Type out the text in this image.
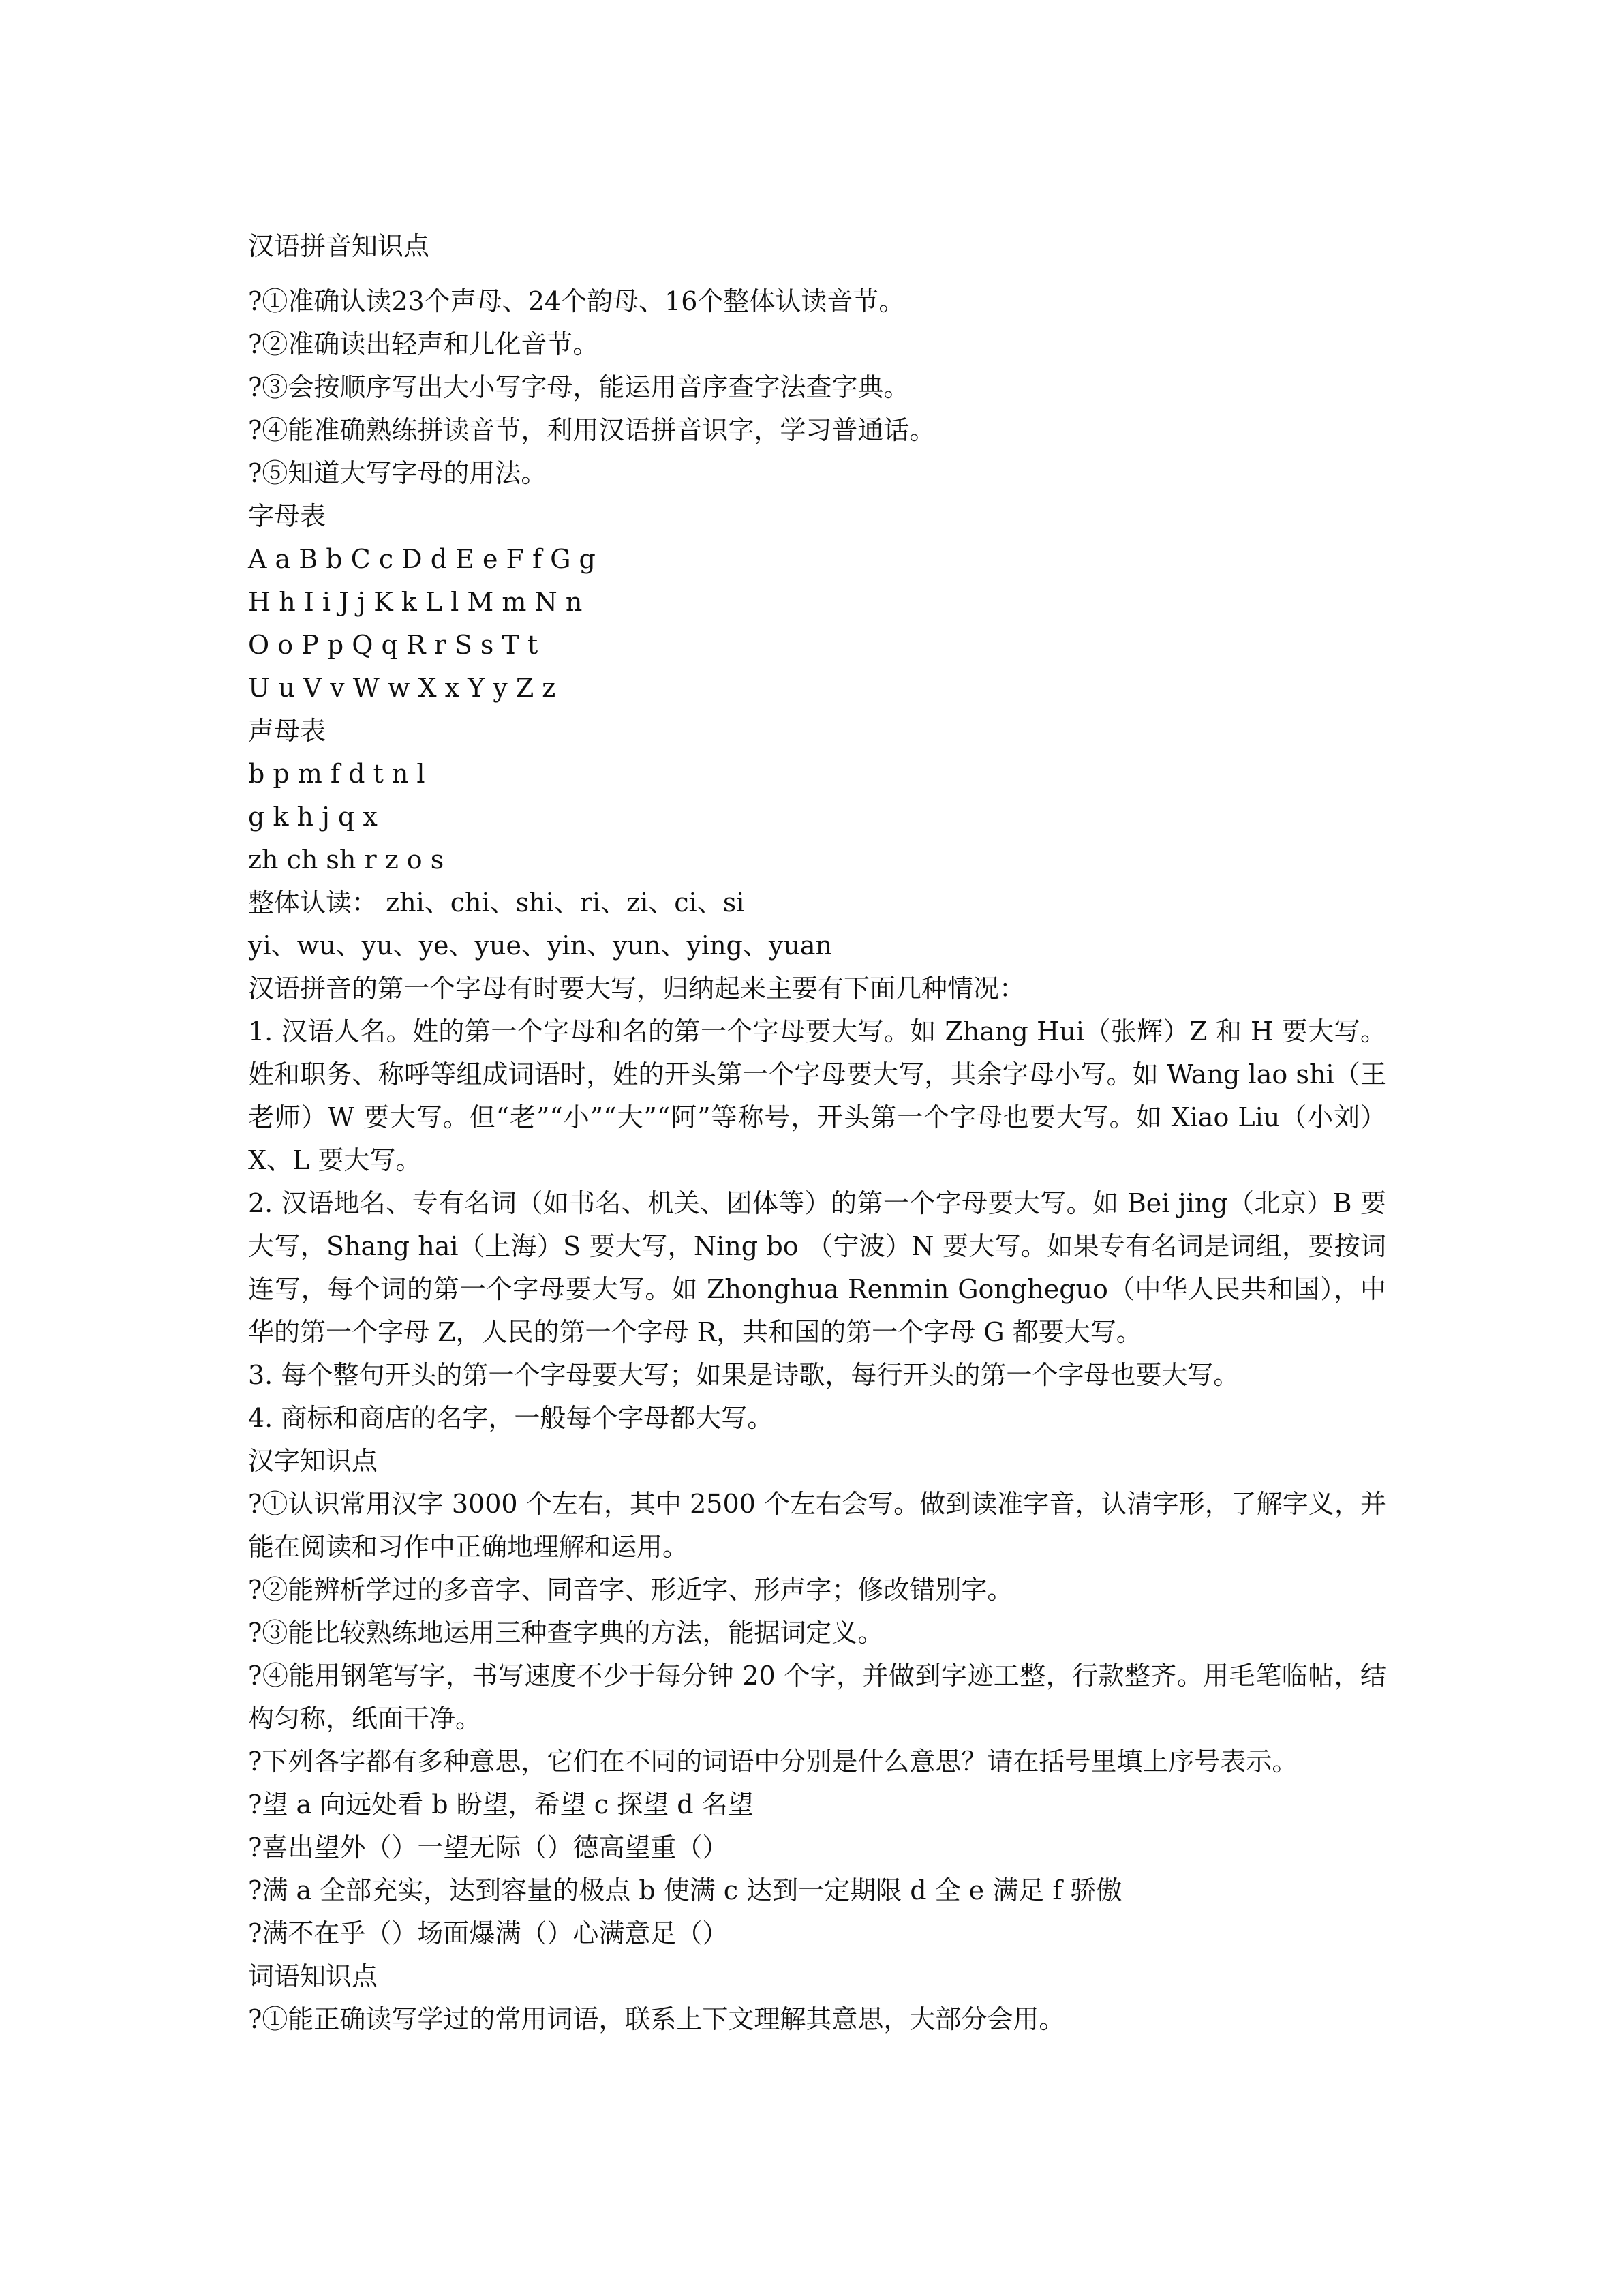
汉语拼音知识点
?①准确认读23个声母、24个韵母、16个整体认读音节。
?②准确读出轻声和儿化音节。
?③会按顺序写出大小写字母，能运用音序查字法查字典。
?④能准确熟练拼读音节，利用汉语拼音识字，学习普通话。
?⑤知道大写字母的用法。
字母表
A a B b C c D d E e F f G g
H h I i J j K k L l M m N n
O o P p Q q R r S s T t
U u V v W w X x Y y Z z
声母表
b p m f d t n l
g k h j q x
zh ch sh r z o s
整体认读： zhi、chi、shi、ri、zi、ci、si
yi、wu、yu、ye、yue、yin、yun、ying、yuan
汉语拼音的第一个字母有时要大写，归纳起来主要有下面几种情况：
1. 汉语人名。姓的第一个字母和名的第一个字母要大写。如 Zhang Hui（张辉）Z 和 H 要大写。姓和职务、称呼等组成词语时，姓的开头第一个字母要大写，其余字母小写。如 Wang lao shi（王老师）W 要大写。但“老”“小”“大”“阿”等称号，开头第一个字母也要大写。如 Xiao Liu（小刘）X、L 要大写。
2. 汉语地名、专有名词（如书名、机关、团体等）的第一个字母要大写。如 Bei jing（北京）B 要大写，Shang hai（上海）S 要大写，Ning bo （宁波）N 要大写。如果专有名词是词组，要按词连写，每个词的第一个字母要大写。如 Zhonghua Renmin Gongheguo（中华人民共和国），中华的第一个字母 Z，人民的第一个字母 R，共和国的第一个字母 G 都要大写。
3. 每个整句开头的第一个字母要大写；如果是诗歌，每行开头的第一个字母也要大写。
4. 商标和商店的名字，一般每个字母都大写。
汉字知识点
?①认识常用汉字 3000 个左右，其中 2500 个左右会写。做到读准字音，认清字形，了解字义，并能在阅读和习作中正确地理解和运用。
?②能辨析学过的多音字、同音字、形近字、形声字；修改错别字。
?③能比较熟练地运用三种查字典的方法，能据词定义。
?④能用钢笔写字，书写速度不少于每分钟 20 个字，并做到字迹工整，行款整齐。用毛笔临帖，结构匀称，纸面干净。
?下列各字都有多种意思，它们在不同的词语中分别是什么意思？请在括号里填上序号表示。
?望 a 向远处看 b 盼望，希望 c 探望 d 名望
?喜出望外（）一望无际（）德高望重（）
?满 a 全部充实，达到容量的极点 b 使满 c 达到一定期限 d 全 e 满足 f 骄傲
?满不在乎（）场面爆满（）心满意足（）
词语知识点
?①能正确读写学过的常用词语，联系上下文理解其意思，大部分会用。
